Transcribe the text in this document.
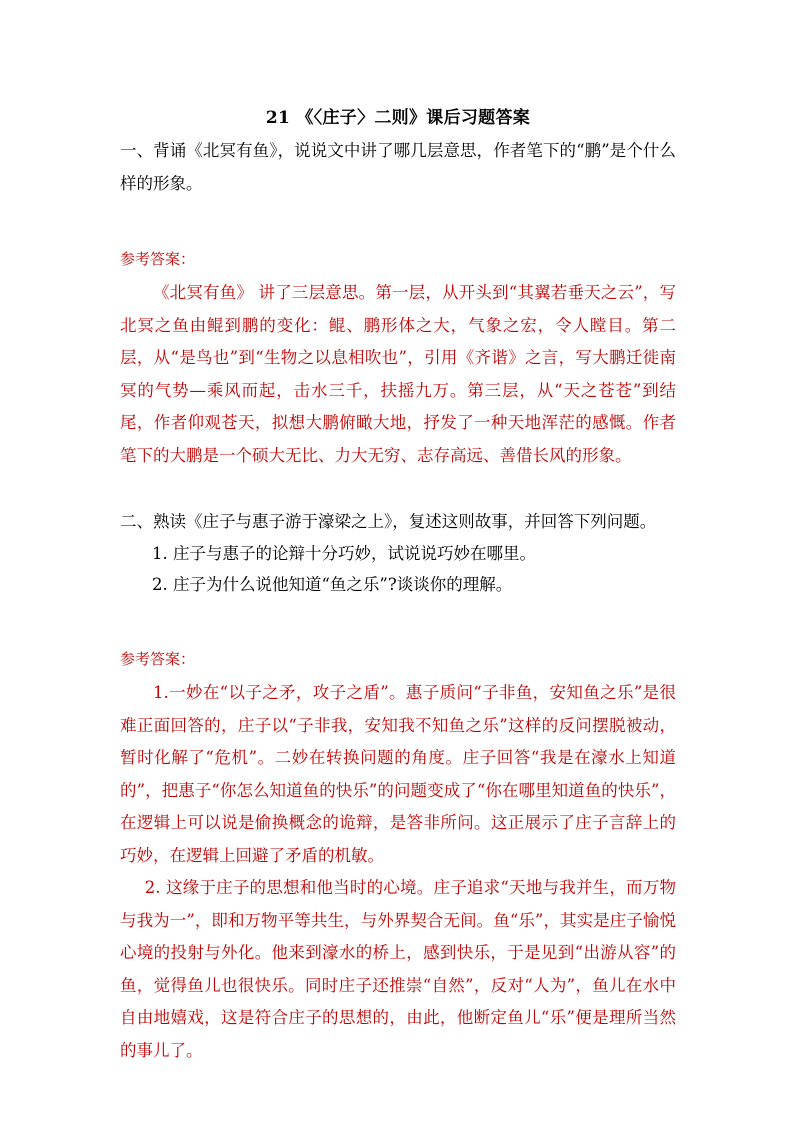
21 《〈庄子〉二则》课后习题答案

一、背诵《北冥有鱼》，说说文中讲了哪几层意思，作者笔下的“鹏”是个什么样的形象。

参考答案：

《北冥有鱼》 讲了三层意思。第一层，从开头到“其翼若垂天之云”，写北冥之鱼由鲲到鹏的变化：鲲、鹏形体之大，气象之宏，令人瞠目。第二层，从“是鸟也”到“生物之以息相吹也”，引用《齐谐》之言，写大鹏迁徙南冥的气势—乘风而起，击水三千，扶摇九万。第三层，从“天之苍苍”到结尾，作者仰观苍天，拟想大鹏俯瞰大地，抒发了一种天地浑茫的感慨。作者笔下的大鹏是一个硕大无比、力大无穷、志存高远、善借长风的形象。

二、熟读《庄子与惠子游于濠梁之上》，复述这则故事，并回答下列问题。

1. 庄子与惠子的论辩十分巧妙，试说说巧妙在哪里。

2. 庄子为什么说他知道“鱼之乐”?谈谈你的理解。

参考答案：

1.一妙在“以子之矛，攻子之盾”。惠子质问“子非鱼，安知鱼之乐”是很难正面回答的，庄子以“子非我，安知我不知鱼之乐”这样的反问摆脱被动，暂时化解了“危机”。二妙在转换问题的角度。庄子回答“我是在濠水上知道的”，把惠子“你怎么知道鱼的快乐”的问题变成了“你在哪里知道鱼的快乐”，在逻辑上可以说是偷换概念的诡辩，是答非所问。这正展示了庄子言辞上的巧妙，在逻辑上回避了矛盾的机敏。

2. 这缘于庄子的思想和他当时的心境。庄子追求“天地与我并生，而万物与我为一”，即和万物平等共生，与外界契合无间。鱼“乐”，其实是庄子愉悦心境的投射与外化。他来到濠水的桥上，感到快乐，于是见到“出游从容”的鱼，觉得鱼儿也很快乐。同时庄子还推崇“自然”，反对“人为”，鱼儿在水中自由地嬉戏，这是符合庄子的思想的，由此，他断定鱼儿“乐”便是理所当然的事儿了。
